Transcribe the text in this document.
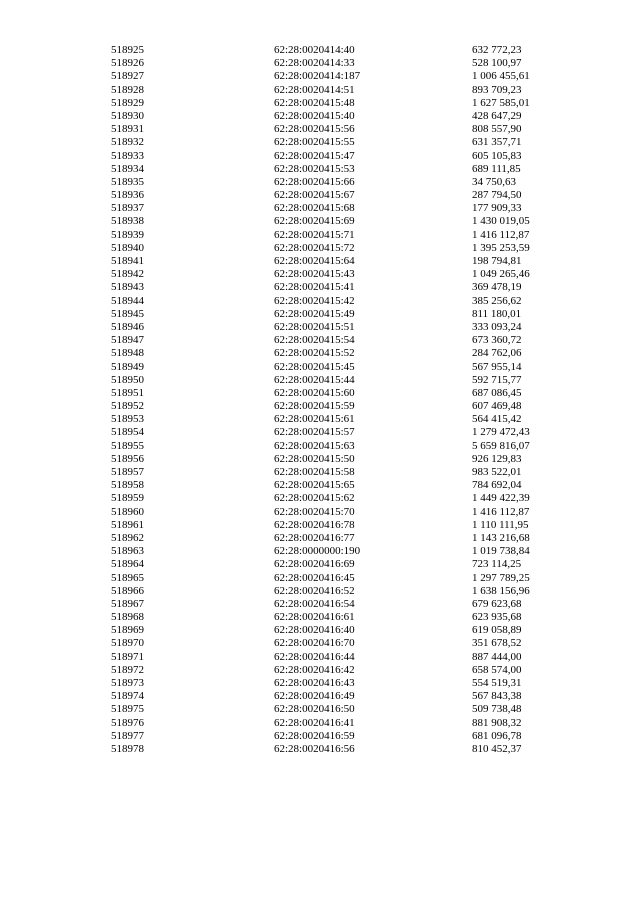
518925	62:28:0020414:40	632 772,23
518926	62:28:0020414:33	528 100,97
518927	62:28:0020414:187	1 006 455,61
518928	62:28:0020414:51	893 709,23
518929	62:28:0020415:48	1 627 585,01
518930	62:28:0020415:40	428 647,29
518931	62:28:0020415:56	808 557,90
518932	62:28:0020415:55	631 357,71
518933	62:28:0020415:47	605 105,83
518934	62:28:0020415:53	689 111,85
518935	62:28:0020415:66	34 750,63
518936	62:28:0020415:67	287 794,50
518937	62:28:0020415:68	177 909,33
518938	62:28:0020415:69	1 430 019,05
518939	62:28:0020415:71	1 416 112,87
518940	62:28:0020415:72	1 395 253,59
518941	62:28:0020415:64	198 794,81
518942	62:28:0020415:43	1 049 265,46
518943	62:28:0020415:41	369 478,19
518944	62:28:0020415:42	385 256,62
518945	62:28:0020415:49	811 180,01
518946	62:28:0020415:51	333 093,24
518947	62:28:0020415:54	673 360,72
518948	62:28:0020415:52	284 762,06
518949	62:28:0020415:45	567 955,14
518950	62:28:0020415:44	592 715,77
518951	62:28:0020415:60	687 086,45
518952	62:28:0020415:59	607 469,48
518953	62:28:0020415:61	564 415,42
518954	62:28:0020415:57	1 279 472,43
518955	62:28:0020415:63	5 659 816,07
518956	62:28:0020415:50	926 129,83
518957	62:28:0020415:58	983 522,01
518958	62:28:0020415:65	784 692,04
518959	62:28:0020415:62	1 449 422,39
518960	62:28:0020415:70	1 416 112,87
518961	62:28:0020416:78	1 110 111,95
518962	62:28:0020416:77	1 143 216,68
518963	62:28:0000000:190	1 019 738,84
518964	62:28:0020416:69	723 114,25
518965	62:28:0020416:45	1 297 789,25
518966	62:28:0020416:52	1 638 156,96
518967	62:28:0020416:54	679 623,68
518968	62:28:0020416:61	623 935,68
518969	62:28:0020416:40	619 058,89
518970	62:28:0020416:70	351 678,52
518971	62:28:0020416:44	887 444,00
518972	62:28:0020416:42	658 574,00
518973	62:28:0020416:43	554 519,31
518974	62:28:0020416:49	567 843,38
518975	62:28:0020416:50	509 738,48
518976	62:28:0020416:41	881 908,32
518977	62:28:0020416:59	681 096,78
518978	62:28:0020416:56	810 452,37
